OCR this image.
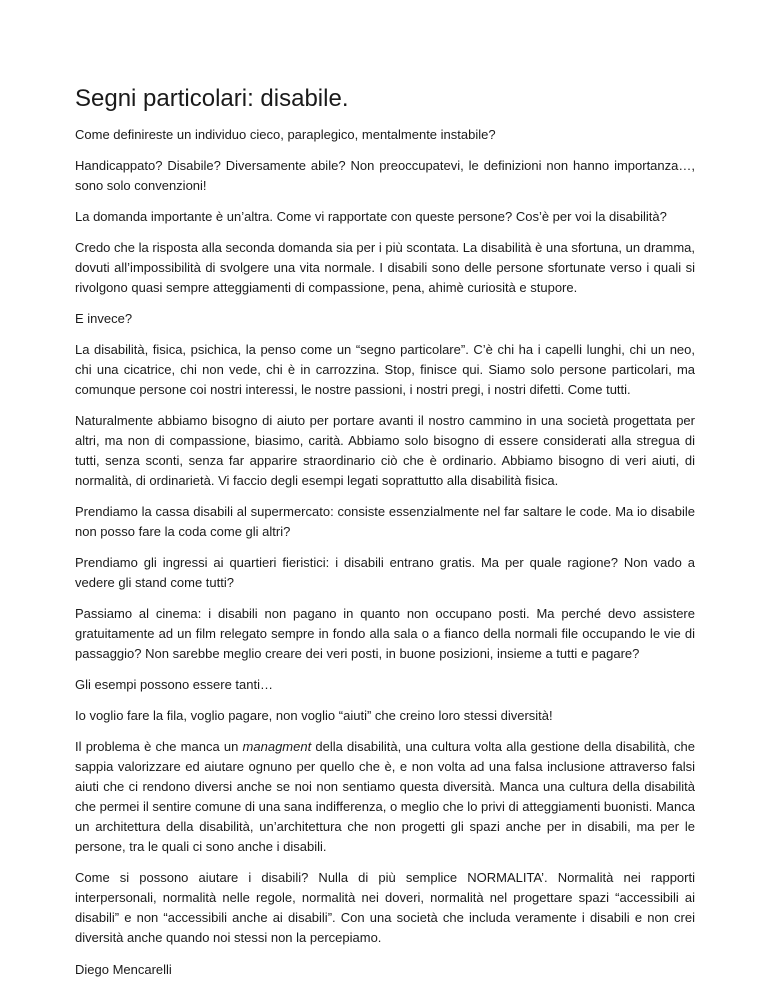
Segni particolari: disabile.

Come definireste un individuo cieco, paraplegico, mentalmente instabile?

Handicappato? Disabile? Diversamente abile? Non preoccupatevi, le definizioni non hanno importanza…, sono solo convenzioni!

La domanda importante è un’altra. Come vi rapportate con queste persone? Cos’è per voi la disabilità?

Credo che la risposta alla seconda domanda sia per i più scontata. La disabilità è una sfortuna, un dramma, dovuti all’impossibilità di svolgere una vita normale. I disabili sono delle persone sfortunate verso i quali si rivolgono quasi sempre atteggiamenti di compassione, pena, ahimè curiosità e stupore.

E invece?

La disabilità, fisica, psichica, la penso come un “segno particolare”. C’è chi ha i capelli lunghi, chi un neo, chi una cicatrice, chi non vede, chi è in carrozzina. Stop, finisce qui. Siamo solo persone particolari, ma comunque persone coi nostri interessi, le nostre passioni, i nostri pregi, i nostri difetti. Come tutti.

Naturalmente abbiamo bisogno di aiuto per portare avanti il nostro cammino in una società progettata per altri, ma non di compassione, biasimo, carità. Abbiamo solo bisogno di essere considerati alla stregua di tutti, senza sconti, senza far apparire straordinario ciò che è ordinario. Abbiamo bisogno di veri aiuti, di normalità, di ordinarietà. Vi faccio degli esempi legati soprattutto alla disabilità fisica.

Prendiamo la cassa disabili al supermercato: consiste essenzialmente nel far saltare le code. Ma io disabile non posso fare la coda come gli altri?

Prendiamo gli ingressi ai quartieri fieristici: i disabili entrano gratis. Ma per quale ragione? Non vado a vedere gli stand come tutti?

Passiamo al cinema: i disabili non pagano in quanto non occupano posti. Ma perché devo assistere gratuitamente ad un film relegato sempre in fondo alla sala o a fianco della normali file occupando le vie di passaggio? Non sarebbe meglio creare dei veri posti, in buone posizioni, insieme a tutti e pagare?

Gli esempi possono essere tanti…

Io voglio fare la fila, voglio pagare, non voglio “aiuti” che creino loro stessi diversità!

Il problema è che manca un managment della disabilità, una cultura volta alla gestione della disabilità, che sappia valorizzare ed aiutare ognuno per quello che è, e non volta ad una falsa inclusione attraverso falsi aiuti che ci rendono diversi anche se noi non sentiamo questa diversità. Manca una cultura della disabilità che permei il sentire comune di una sana indifferenza, o meglio che lo privi di atteggiamenti buonisti. Manca un architettura della disabilità, un’architettura che non progetti gli spazi anche per in disabili, ma per le persone, tra le quali ci sono anche i disabili.

Come si possono aiutare i disabili? Nulla di più semplice NORMALITA’. Normalità nei rapporti interpersonali, normalità nelle regole, normalità nei doveri, normalità nel progettare spazi “accessibili ai disabili” e non “accessibili anche ai disabili”. Con una società che includa veramente i disabili e non crei diversità anche quando noi stessi non la percepiamo.

Diego Mencarelli
